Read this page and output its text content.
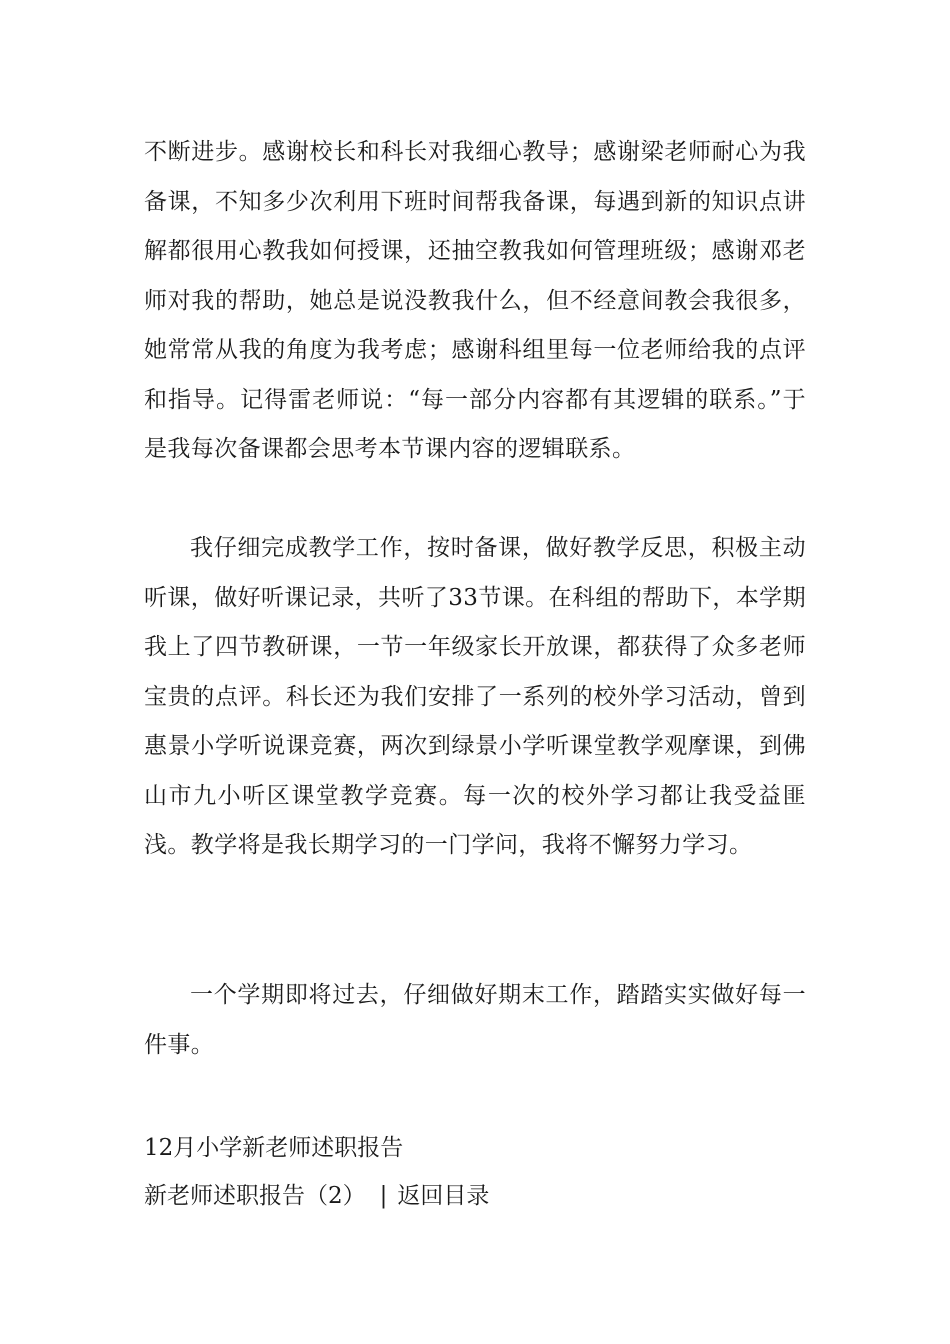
不断进步。感谢校长和科长对我细心教导；感谢梁老师耐心为我备课，不知多少次利用下班时间帮我备课，每遇到新的知识点讲解都很用心教我如何授课，还抽空教我如何管理班级；感谢邓老师对我的帮助，她总是说没教我什么，但不经意间教会我很多，她常常从我的角度为我考虑；感谢科组里每一位老师给我的点评和指导。记得雷老师说：“每一部分内容都有其逻辑的联系。”于是我每次备课都会思考本节课内容的逻辑联系。

我仔细完成教学工作，按时备课，做好教学反思，积极主动听课，做好听课记录，共听了33节课。在科组的帮助下，本学期我上了四节教研课，一节一年级家长开放课，都获得了众多老师宝贵的点评。科长还为我们安排了一系列的校外学习活动，曾到惠景小学听说课竞赛，两次到绿景小学听课堂教学观摩课，到佛山市九小听区课堂教学竞赛。每一次的校外学习都让我受益匪浅。教学将是我长期学习的一门学问，我将不懈努力学习。

一个学期即将过去，仔细做好期末工作，踏踏实实做好每一件事。

12月小学新老师述职报告

新老师述职报告（2） | 返回目录
